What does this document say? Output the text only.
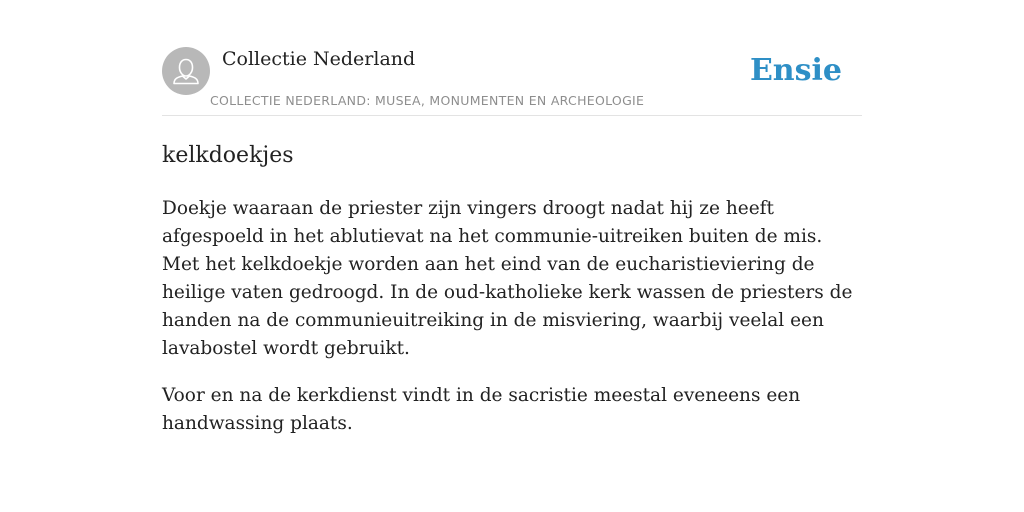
Collectie Nederland
COLLECTIE NEDERLAND: MUSEA, MONUMENTEN EN ARCHEOLOGIE
Ensie
kelkdoekjes

Doekje waaraan de priester zijn vingers droogt nadat hij ze heeft afgespoeld in het ablutievat na het communie-uitreiken buiten de mis. Met het kelkdoekje worden aan het eind van de eucharistieviering de heilige vaten gedroogd. In de oud-katholieke kerk wassen de priesters de handen na de communieuitreiking in de misviering, waarbij veelal een lavabostel wordt gebruikt.

Voor en na de kerkdienst vindt in de sacristie meestal eveneens een handwassing plaats.
